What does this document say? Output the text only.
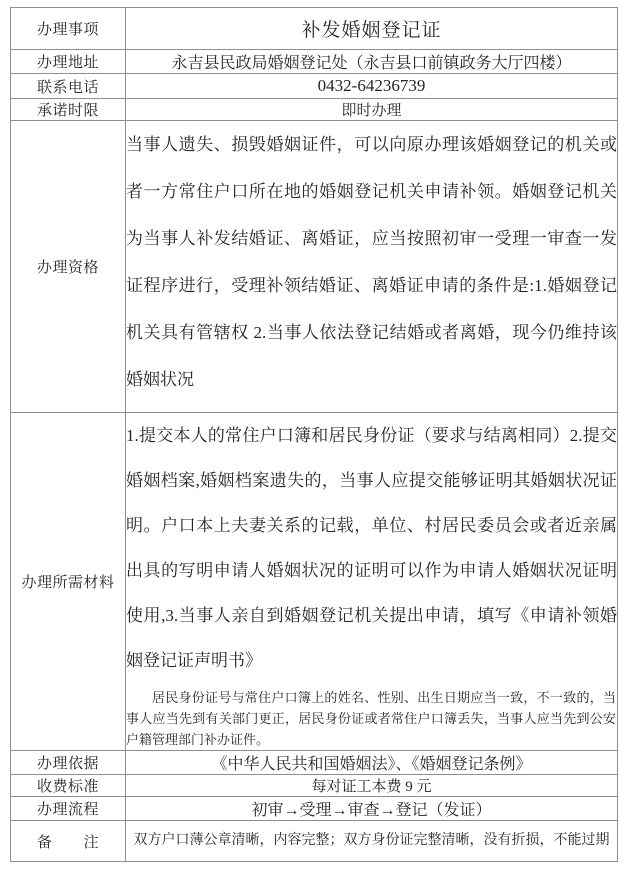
办理事项	补发婚姻登记证
办理地址	永吉县民政局婚姻登记处（永吉县口前镇政务大厅四楼）
联系电话	0432-64236739
承诺时限	即时办理
办理资格	当事人遗失、损毁婚姻证件，可以向原办理该婚姻登记的机关或者一方常住户口所在地的婚姻登记机关申请补领。婚姻登记机关为当事人补发结婚证、离婚证，应当按照初审一受理一审查一发证程序进行，受理补领结婚证、离婚证申请的条件是:1.婚姻登记机关具有管辖权 2.当事人依法登记结婚或者离婚，现今仍维持该婚姻状况

办理所需材料	1.提交本人的常住户口簿和居民身份证（要求与结离相同）2.提交婚姻档案,婚姻档案遗失的，当事人应提交能够证明其婚姻状况证明。户口本上夫妻关系的记载，单位、村居民委员会或者近亲属出具的写明申请人婚姻状况的证明可以作为申请人婚姻状况证明使用,3.当事人亲自到婚姻登记机关提出申请，填写《申请补领婚姻登记证声明书》
居民身份证号与常住户口簿上的姓名、性别、出生日期应当一致，不一致的，当事人应当先到有关部门更正，居民身份证或者常住户口簿丢失，当事人应当先到公安户籍管理部门补办证件。

办理依据	《中华人民共和国婚姻法》、《婚姻登记条例》
收费标准	每对证工本费 9 元
办理流程	初审→受理→审查→登记（发证）
备　　注	双方户口薄公章清晰，内容完整；双方身份证完整清晰，没有折损，不能过期
